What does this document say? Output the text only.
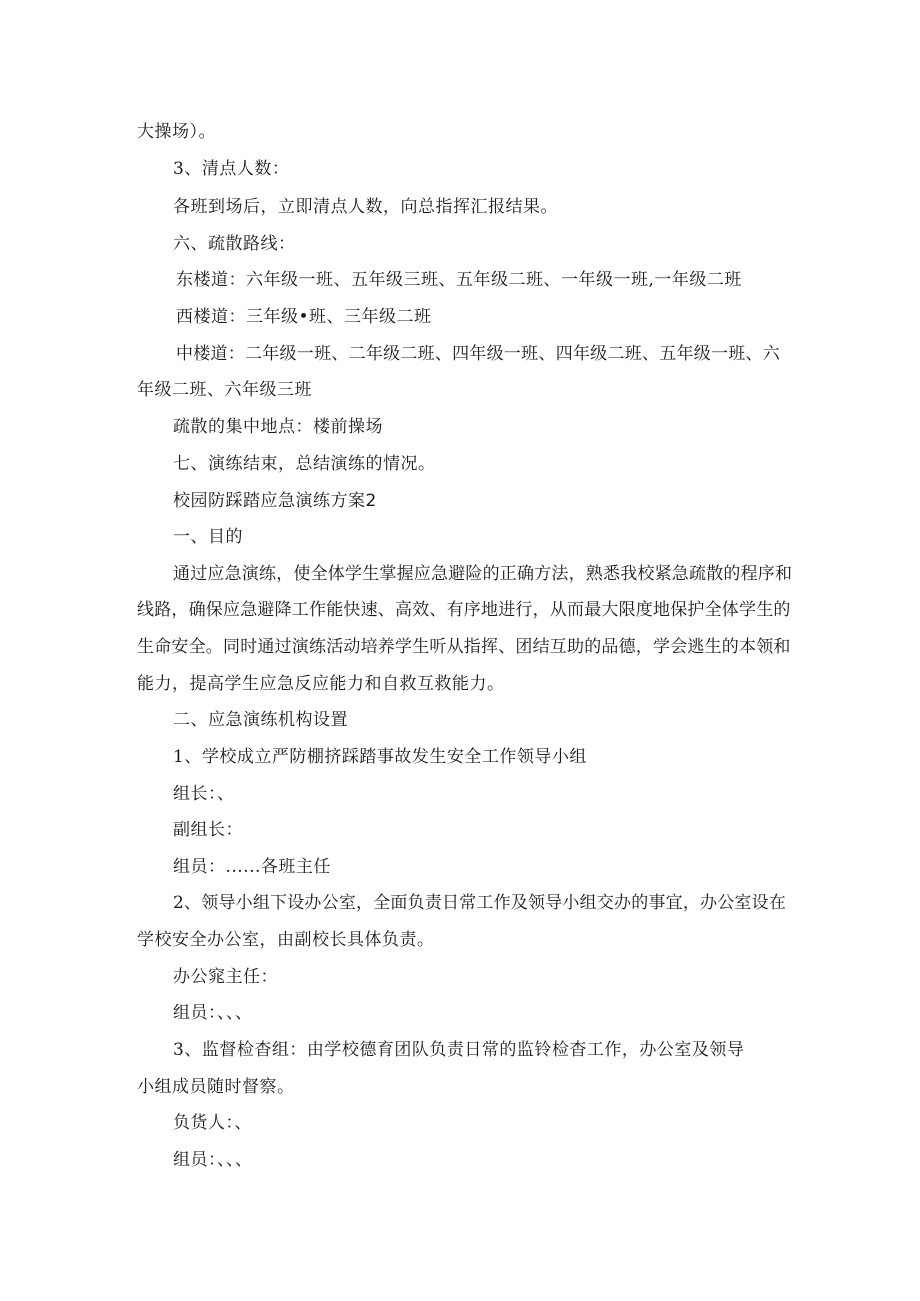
大操场）。
3、清点人数：
各班到场后，立即清点人数，向总指挥汇报结果。
六、疏散路线：
东楼道：六年级一班、五年级三班、五年级二班、一年级一班,一年级二班
西楼道：三年级•班、三年级二班
中楼道：二年级一班、二年级二班、四年级一班、四年级二班、五年级一班、六
年级二班、六年级三班
疏散的集中地点：楼前操场
七、演练结束，总结演练的情况。
校园防踩踏应急演练方案2
一、目的
通过应急演练，使全体学生掌握应急避险的正确方法，熟悉我校紧急疏散的程序和
线路，确保应急避降工作能快速、高效、有序地进行，从而最大限度地保护全体学生的
生命安全。同时通过演练活动培养学生听从指挥、团结互助的品德，学会逃生的本领和
能力，提高学生应急反应能力和自救互救能力。
二、应急演练机构设置
1、学校成立严防棚挤踩踏事故发生安全工作领导小组
组长：、
副组长：
组员：......各班主任
2、领导小组下设办公室，全面负责日常工作及领导小组交办的事宜，办公室设在
学校安全办公室，由副校长具体负责。
办公窕主任：
组员：、、、
3、监督检杳组：由学校德育团队负责日常的监铃检杳工作，办公室及领导
小组成员随时督察。
负货人：、
组员：、、、
